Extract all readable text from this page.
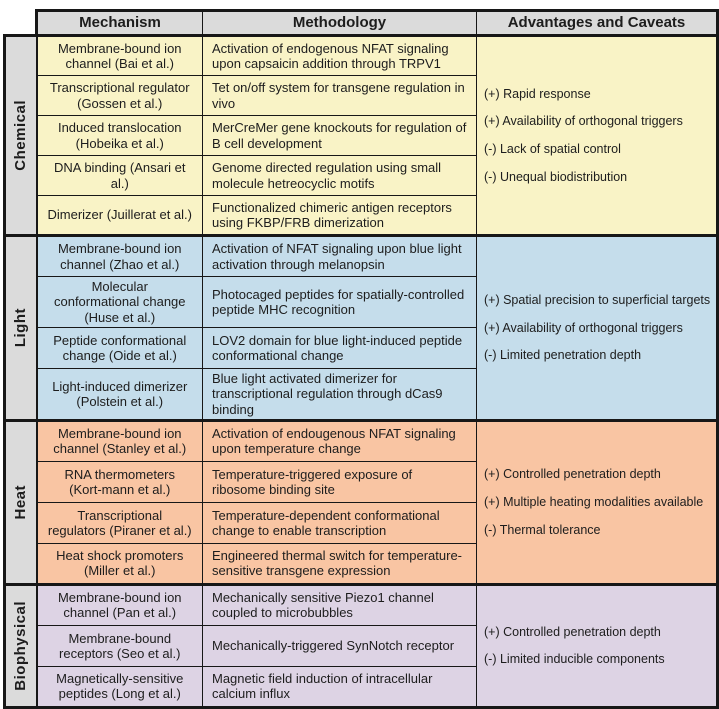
	Mechanism	Methodology	Advantages and Caveats

Chemical	Membrane-bound ion channel (Bai et al.)	Activation of endogenous NFAT signaling upon capsaicin addition through TRPV1	(+) Rapid response
(+) Availability of orthogonal triggers
(-) Lack of spatial control
(-) Unequal biodistribution

	Transcriptional regulator (Gossen et al.)	Tet on/off system for transgene regulation in vivo	
	Induced translocation (Hobeika et al.)	MerCreMer gene knockouts for regulation of B cell development	
	DNA binding (Ansari et al.)	Genome directed regulation using small molecule hetreocyclic motifs	
	Dimerizer (Juillerat et al.)	Functionalized chimeric antigen receptors using FKBP/FRB dimerization	

Light	Membrane-bound ion channel (Zhao et al.)	Activation of NFAT signaling upon blue light activation through melanopsin	(+) Spatial precision to superficial targets
(+) Availability of orthogonal triggers
(-) Limited penetration depth

	Molecular conformational change (Huse et al.)	Photocaged peptides for spatially-controlled peptide MHC recognition	
	Peptide conformational change (Oide et al.)	LOV2 domain for blue light-induced peptide conformational change	
	Light-induced dimerizer (Polstein et al.)	Blue light activated dimerizer for transcriptional regulation through dCas9 binding	

Heat	Membrane-bound ion channel (Stanley et al.)	Activation of endougenous NFAT signaling upon temperature change	(+) Controlled penetration depth
(+) Multiple heating modalities available
(-) Thermal tolerance

	RNA thermometers (Kort-mann et al.)	Temperature-triggered exposure of ribosome binding site	
	Transcriptional regulators (Piraner et al.)	Temperature-dependent conformational change to enable transcription	
	Heat shock promoters (Miller et al.)	Engineered thermal switch for temperature-sensitive transgene expression	

Biophysical	Membrane-bound ion channel (Pan et al.)	Mechanically sensitive Piezo1 channel coupled to microbubbles	(+) Controlled penetration depth
(-) Limited inducible components

	Membrane-bound receptors (Seo et al.)	Mechanically-triggered SynNotch receptor	
	Magnetically-sensitive peptides (Long et al.)	Magnetic field induction of intracellular calcium influx	
